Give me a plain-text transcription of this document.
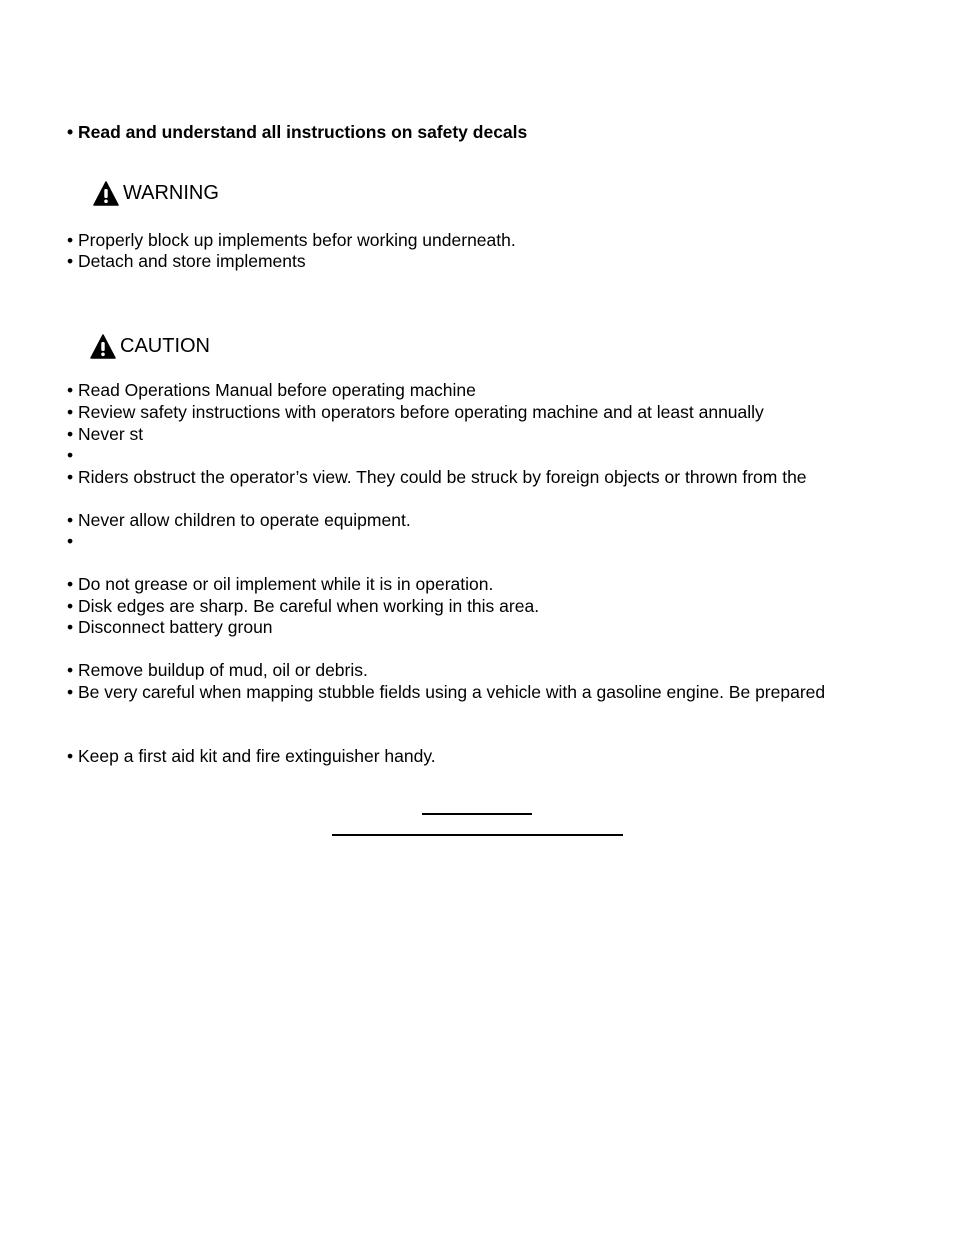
• Read and understand all instructions on safety decals
WARNING
• Properly block up implements befor working underneath.
• Detach and store implements
CAUTION
• Read Operations Manual before operating machine
• Review safety instructions with operators before operating machine and at least annually
• Never st
•
• Riders obstruct the operator’s view. They could be struck by foreign objects or thrown from the
• Never allow children to operate equipment.
•
• Do not grease or oil implement while it is in operation.
• Disk edges are sharp. Be careful when working in this area.
• Disconnect battery groun
• Remove buildup of mud, oil or debris.
• Be very careful when mapping stubble fields using a vehicle with a gasoline engine. Be prepared
• Keep a first aid kit and fire extinguisher handy.
